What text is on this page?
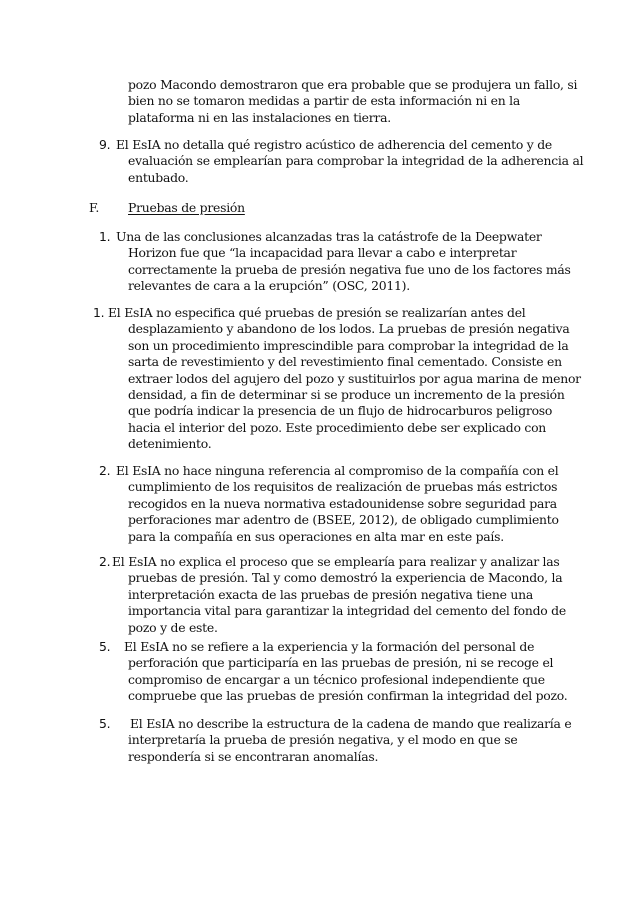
pozo Macondo demostraron que era probable que se produjera un fallo, si
bien no se tomaron medidas a partir de esta información ni en la
plataforma ni en las instalaciones en tierra.
9. El EsIA no detalla qué registro acústico de adherencia del cemento y de
evaluación se emplearían para comprobar la integridad de la adherencia al
entubado.
F. Pruebas de presión
1. Una de las conclusiones alcanzadas tras la catástrofe de la Deepwater
Horizon fue que “la incapacidad para llevar a cabo e interpretar
correctamente la prueba de presión negativa fue uno de los factores más
relevantes de cara a la erupción” (OSC, 2011).
1. El EsIA no especifica qué pruebas de presión se realizarían antes del
desplazamiento y abandono de los lodos. La pruebas de presión negativa
son un procedimiento imprescindible para comprobar la integridad de la
sarta de revestimiento y del revestimiento final cementado. Consiste en
extraer lodos del agujero del pozo y sustituirlos por agua marina de menor
densidad, a fin de determinar si se produce un incremento de la presión
que podría indicar la presencia de un flujo de hidrocarburos peligroso
hacia el interior del pozo. Este procedimiento debe ser explicado con
detenimiento.
2. El EsIA no hace ninguna referencia al compromiso de la compañía con el
cumplimiento de los requisitos de realización de pruebas más estrictos
recogidos en la nueva normativa estadounidense sobre seguridad para
perforaciones mar adentro de (BSEE, 2012), de obligado cumplimiento
para la compañía en sus operaciones en alta mar en este país.
2. El EsIA no explica el proceso que se emplearía para realizar y analizar las
pruebas de presión. Tal y como demostró la experiencia de Macondo, la
interpretación exacta de las pruebas de presión negativa tiene una
importancia vital para garantizar la integridad del cemento del fondo de
pozo y de este.
5. El EsIA no se refiere a la experiencia y la formación del personal de
perforación que participaría en las pruebas de presión, ni se recoge el
compromiso de encargar a un técnico profesional independiente que
compruebe que las pruebas de presión confirman la integridad del pozo.
5. El EsIA no describe la estructura de la cadena de mando que realizaría e
interpretaría la prueba de presión negativa, y el modo en que se
respondería si se encontraran anomalías.
